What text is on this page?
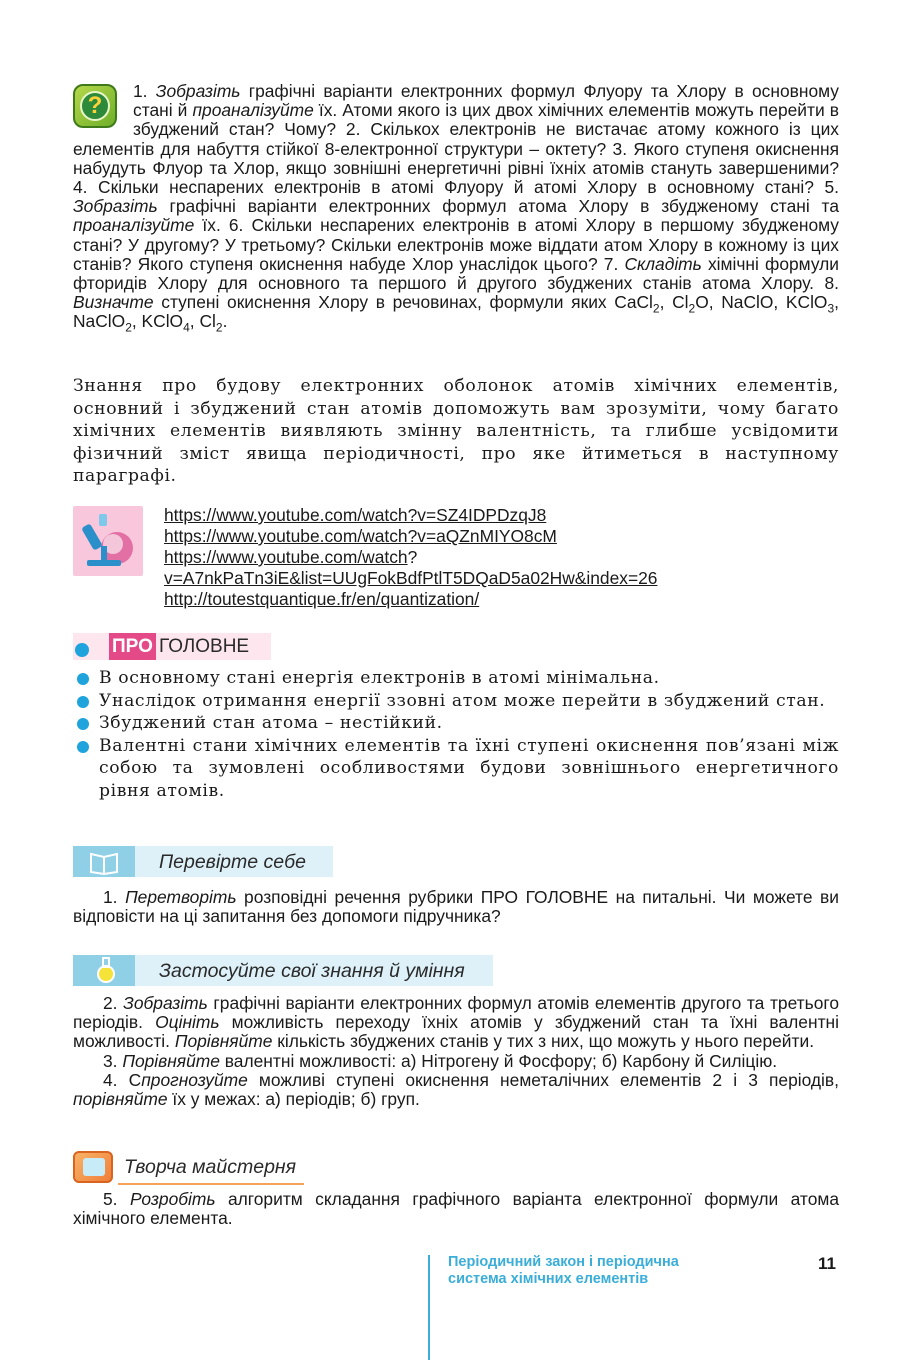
?
1. Зобразіть графічні варіанти електронних формул Флуору та Хлору в основному стані й проаналізуйте їх. Атоми якого із цих двох хімічних елементів можуть перейти в збуджений стан? Чому? 2. Скількох електронів не вистачає атому кожного із цих елементів для набуття стійкої 8-електронної структури – октету? 3. Якого ступеня окиснення набудуть Флуор та Хлор, якщо зовнішні енергетичні рівні їхніх атомів стануть завершеними? 4. Скільки неспарених електронів в атомі Флуору й атомі Хлору в основному стані? 5. Зобразіть графічні варіанти електронних формул атома Хлору в збудженому стані та проаналізуйте їх. 6. Скільки неспарених електронів в атомі Хлору в першому збудженому стані? У другому? У третьому? Скільки електронів може віддати атом Хлору в кожному із цих станів? Якого ступеня окиснення набуде Хлор унаслідок цього? 7. Складіть хімічні формули фторидів Хлору для основного та першого й другого збуджених станів атома Хлору. 8. Визначте ступені окиснення Хлору в речовинах, формули яких CaCl$_2$, $Cl_2O$, NaClO, KClO$_3$, NaClO$_2$, KClO$_4$, $Cl_2$.
Знання про будову електронних оболонок атомів хімічних елементів, основний і збуджений стан атомів допоможуть вам зрозуміти, чому багато хімічних елементів виявляють змінну валентність, та глибше усвідомити фізичний зміст явища періодичності, про яке йтиметься в наступному параграфі.
https://www.youtube.com/watch?v=SZ4IDPDzqJ8
https://www.youtube.com/watch?v=aQZnMIYO8cM
https://www.youtube.com/watch?
v=A7nkPaTn3iE&list=UUgFokBdfPtlT5DQaD5a02Hw&index=26
http://toutestquantique.fr/en/quantization/
ПРО ГОЛОВНЕ
В основному стані енергія електронів в атомі мінімальна.
Унаслідок отримання енергії ззовні атом може перейти в збуджений стан.
Збуджений стан атома – нестійкий.
Валентні стани хімічних елементів та їхні ступені окиснення пов’язані між собою та зумовлені особливостями будови зовнішнього енергетичного рівня атомів.
Перевірте себе

1. Перетворіть розповідні речення рубрики ПРО ГОЛОВНЕ на питальні. Чи можете ви відповісти на ці запитання без допомоги підручника?

Застосуйте свої знання й уміння

2. Зобразіть графічні варіанти електронних формул атомів елементів другого та третього періодів. Оцініть можливість переходу їхніх атомів у збуджений стан та їхні валентні можливості. Порівняйте кількість збуджених станів у тих з них, що можуть у нього перейти.

3. Порівняйте валентні можливості: а) Нітрогену й Фосфору; б) Карбону й Силіцію.

4. Спрогнозуйте можливі ступені окиснення неметалічних елементів 2 і 3 періодів, порівняйте їх у межах: а) періодів; б) груп.

Творча майстерня

5. Розробіть алгоритм складання графічного варіанта електронної формули атома хімічного елемента.

Періодичний закон і періодична
система хімічних елементів
11
